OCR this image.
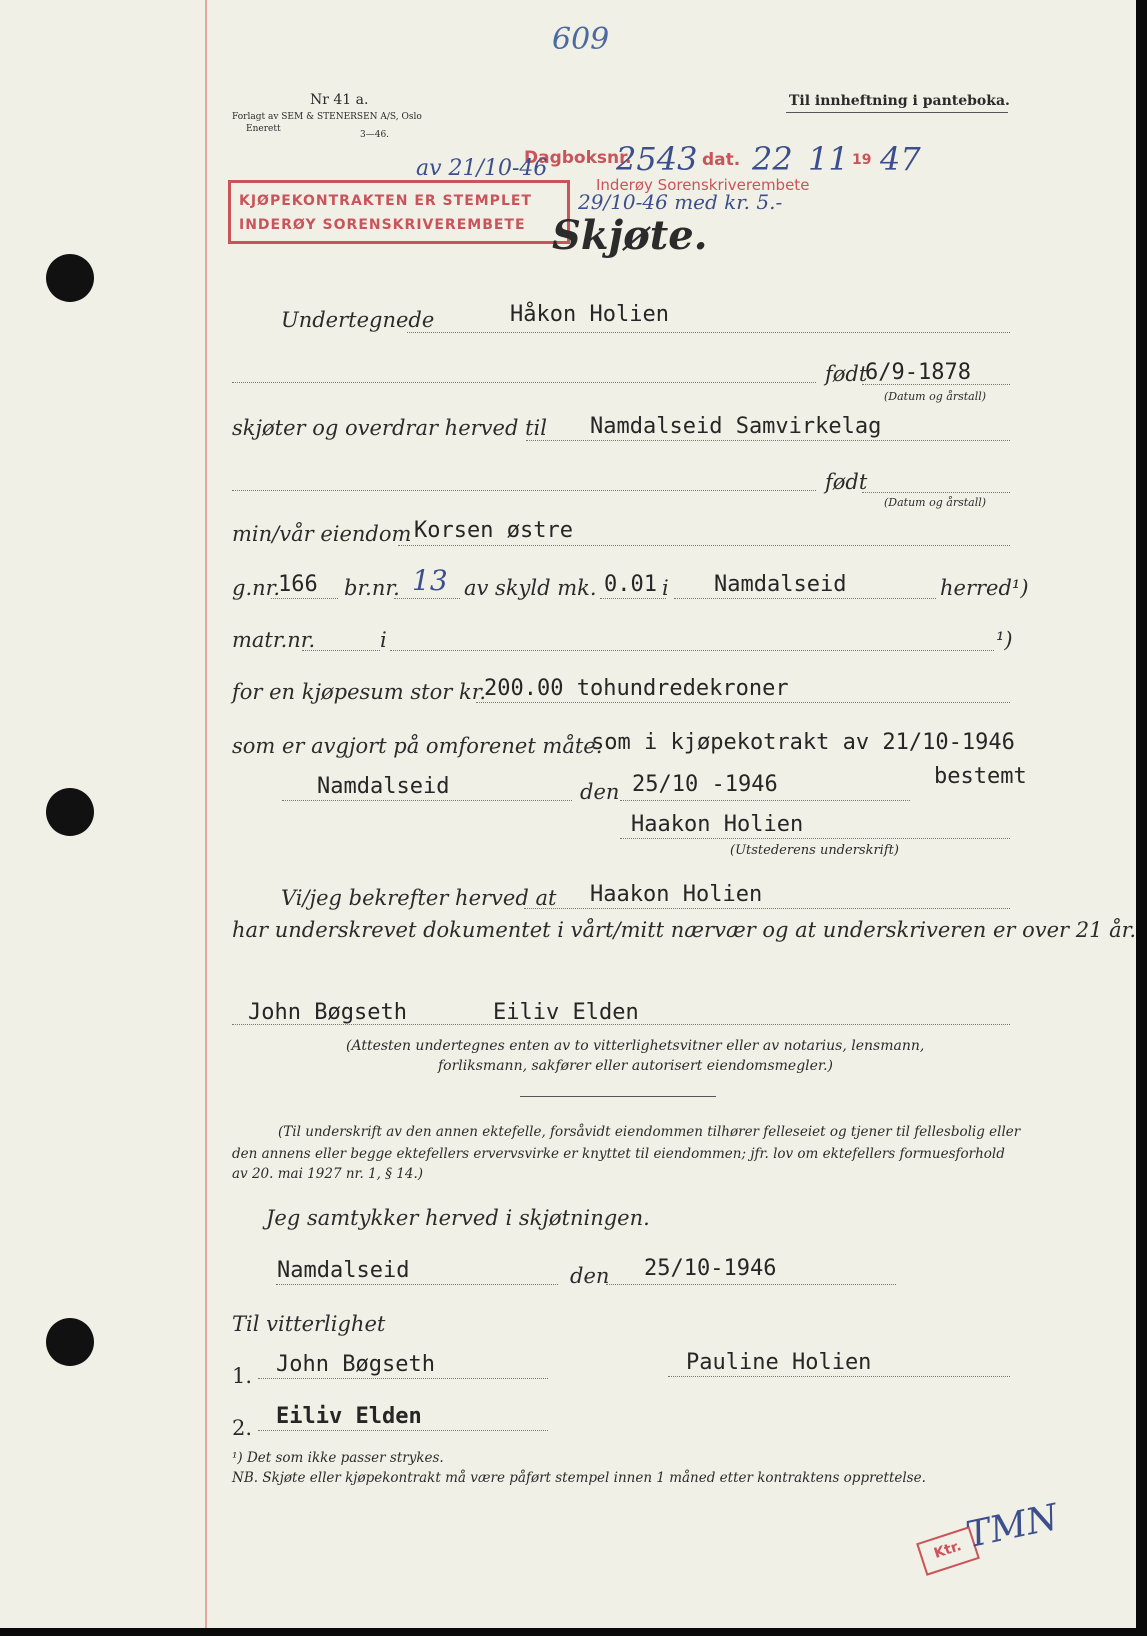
609
Nr 41 a.
Forlagt av SEM & STENERSEN A/S, Oslo
Enerett
3—46.
Til innheftning i panteboka.
Dagboksnr.
2543 dat. 22 11 19 47
Inderøy Sorenskriverembete
av 21/10-46
29/10-46 med kr. 5.-
KJØPEKONTRAKTEN ER STEMPLET
INDERØY SORENSKRIVEREMBETE Skjøte.
Undertegnede	Håkon Holien
født
6/9-1878
(Datum og årstall)
skjøter og overdrar herved til Namdalseid Samvirkelag
født
(Datum og årstall)
min/vår eiendom Korsen østre
g.nr.
166 br.nr. 13 av skyld mk. 0.01 i Namdalseid	herred¹)
matr.nr.	i	¹)
for en kjøpesum stor kr.
200.00 tohundredekroner
som er avgjort på omforenet måte.
som i kjøpekotrakt av 21/10-1946
bestemt
Namdalseid	den 25/10 -1946
Haakon Holien
(Utstederens underskrift)
Vi/jeg bekrefter herved at Haakon Holien
har underskrevet dokumentet i vårt/mitt nærvær og at underskriveren er over 21 år.
John Bøgseth	Eiliv Elden
(Attesten undertegnes enten av to vitterlighetsvitner eller av notarius, lensmann,
forliksmann, sakfører eller autorisert eiendomsmegler.)
(Til underskrift av den annen ektefelle, forsåvidt eiendommen tilhører felleseiet og tjener til fellesbolig eller
den annens eller begge ektefellers ervervsvirke er knyttet til eiendommen; jfr. lov om ektefellers formuesforhold
av 20. mai 1927 nr. 1, § 14.)
Jeg samtykker herved i skjøtningen.
Namdalseid	den 25/10-1946
Til vitterlighet
1. John Bøgseth	Pauline Holien
2. Eiliv Elden
¹) Det som ikke passer strykes.
NB. Skjøte eller kjøpekontrakt må være påført stempel innen 1 måned etter kontraktens opprettelse.
Ktr. TMN
